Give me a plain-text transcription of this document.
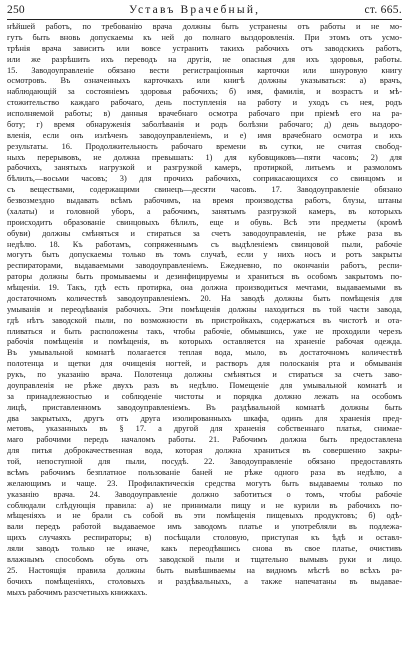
250	Уставъ Врачебный,	ст. 665.
нѣйшей работъ, по требованію врача должны быть устранены отъ работы и не мо-
гутъ быть вновь допускаемы къ ней до полнаго выздоровленія. При этомъ отъ усмо-
трѣнія врача зависитъ или вовсе устранить такихъ рабочихъ отъ заводскихъ работъ,
или же разрѣшить ихъ переводъ на другія, не опасныя для ихъ здоровья, работы.
15. Заводоуправленіе обязано вести регистраціонныя карточки или шнуровую книгу
осмотровъ. Въ означенныхъ карточкахъ или книгѣ должны указываться: а) врачъ,
наблюдающій за состояніемъ здоровья рабочихъ; б) имя, фамилія, и возрастъ и мѣ-
стожительство каждаго рабочаго, день поступленія на работу и уходъ съ нея, родъ
исполняемой работы; в) данныя врачебнаго осмотра рабочаго при пріемѣ его на ра-
боту; г) время обнаруженія заболѣванія и родъ болѣзни рабочаго; д) день выздоро-
вленія, если онъ излѣченъ заводоуправленіемъ, и е) имя врачебнаго осмотра и ихъ
результаты. 16. Продолжительность рабочаго времени въ сутки, не считая свобод-
ныхъ перерывовъ, не должна превышать: 1) для кубовщиковъ—пяти часовъ; 2) для
рабочихъ, занятыхъ нагрузкой и разгрузкой камеръ, протиркой, литьемъ и размоломъ
бѣлилъ,—восьми часовъ; 3) для прочихъ рабочихъ, соприкасающихся со свинцомъ и
съ веществами, содержащими свинецъ—десяти часовъ. 17. Заводоуправленіе обязано
безвозмездно выдавать всѣмъ рабочимъ, на время производства работъ, блузы, штаны
(халаты) и головной уборъ, а рабочимъ, занятымъ разгрузкой камеръ, въ которыхъ
происходитъ образованіе свинцовыхъ бѣлилъ, еще и обувь. Всѣ эти предметы (кромѣ
обуви) должны смѣняться и стираться за счетъ заводоуправленія, не рѣже раза въ
недѣлю. 18. Къ работамъ, сопряженнымъ съ выдѣленіемъ свинцовой пыли, рабочіе
могутъ быть допускаемы только въ томъ случаѣ, если у нихъ носъ и ротъ закрыты
респираторами, выдаваемыми заводоуправленіемъ. Ежедневно, по окончаніи работъ, респи-
раторы должны быть промываемы и дезинфицируемы и храниться въ особомъ закрытомъ по-
мѣщеніи. 19. Такъ, гдѣ есть протирка, она должна производиться мечтами, выдаваемыми въ
достаточномъ количествѣ заводоуправленіемъ. 20. На заводѣ должны быть помѣщенія для
умыванія и переодѣванія рабочихъ. Эти помѣщенія должны находиться въ той части завода,
гдѣ нѣтъ заводской пыли, по возможности въ пристройкахъ, содержаться въ чистотѣ и ота-
пливаться и быть расположены такъ, чтобы рабочіе, обмывшись, уже не проходили черезъ
рабочія помѣщенія и помѣщенія, въ которыхъ оставляется на храненіе рабочая одежда.
Въ умывальной комнатѣ полагается теплая вода, мыло, въ достаточномъ количествѣ
полотенца и щетки для очищенія ногтей, и растворъ для полосканія рта и обмыванія
рукъ, по указанію врача. Полотенца должны смѣняться и стираться за счетъ заво-
доуправленія не рѣже двухъ разъ въ недѣлю. Помещеніе для умывальной комнатѣ и
за принадлежностью и соблюденіе чистоты и порядка должно лежать на особомъ
лицѣ, приставленномъ заводоуправленіемъ. Въ раздѣвальной комнатѣ должны быть
два закрытыхъ, другъ отъ друга изолированныхъ шкафа, одинъ для храненія пред-
метовъ, указанныхъ въ § 17. а другой для храненія собственнаго платья, снимае-
маго рабочими передъ началомъ работы. 21. Рабочимъ должна быть предоставлена
для питья доброкачественная вода, которая должна храниться въ совершенно закры-
той, непоступной для пыли, посудѣ. 22. Заводоуправленіе обязано предоставлять
всѣмъ рабочимъ безплатное пользованіе баней не рѣже одного раза въ недѣлю, а
желающимъ и чаще. 23. Профилактическія средства могутъ быть выдаваемы только по
указанію врача. 24. Заводоуправленіе должно заботиться о томъ, чтобы рабочіе
соблюдали слѣдующія правила: а) не принимали пищу и не курили въ рабочихъ по-
мѣщеніяхъ и не брали съ собой въ эти помѣщенія пищевыхъ продуктовъ; б) одѣ-
вали передъ работой выдаваемое имъ заводомъ платье и употребляли въ подлежа-
щихъ случаяхъ респираторы; в) посѣщали столовую, приступая къ ѣдѣ и оставл-
ляли заводъ только не иначе, какъ переодѣвшись снова въ свое платье, очистивъ
влажнымъ способомъ обувь отъ заводской пыли и тщательно вымывъ руки и лицо.
25. Настоящія правила должны быть вывѣшиваемы на видномъ мѣстѣ во всѣхъ ра-
бочихъ помѣщеніяхъ, столовыхъ и раздѣвальныхъ, а также напечатаны въ выдавае-
мыхъ рабочимъ разсчетныхъ книжкахъ.
